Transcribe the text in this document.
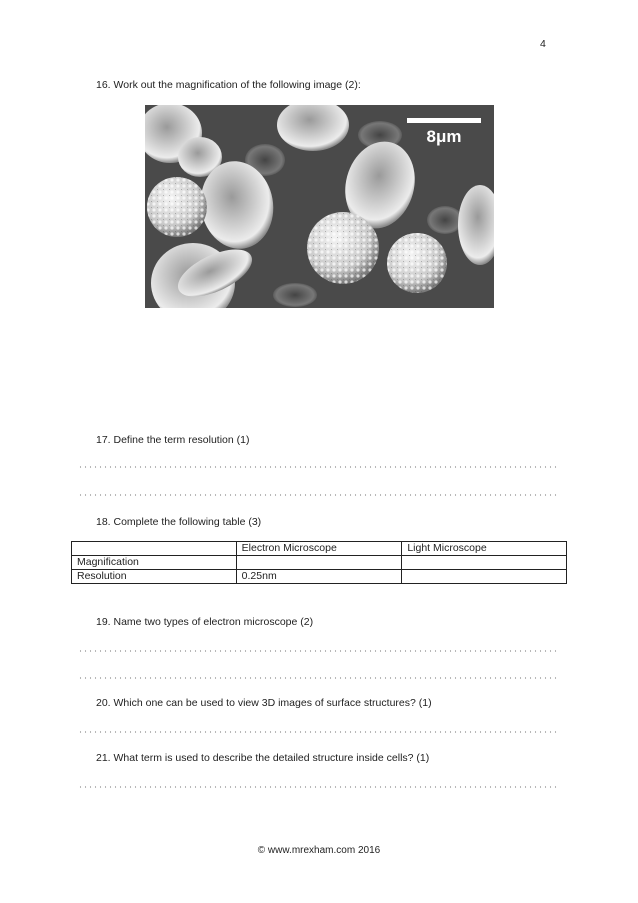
4
16. Work out the magnification of the following image (2):
8μm
17. Define the term resolution (1)
18. Complete the following table (3)
	Electron Microscope	Light Microscope
Magnification		
Resolution	0.25nm	
19. Name two types of electron microscope (2)
20. Which one can be used to view 3D images of surface structures? (1)
21. What term is used to describe the detailed structure inside cells? (1)
© www.mrexham.com 2016
